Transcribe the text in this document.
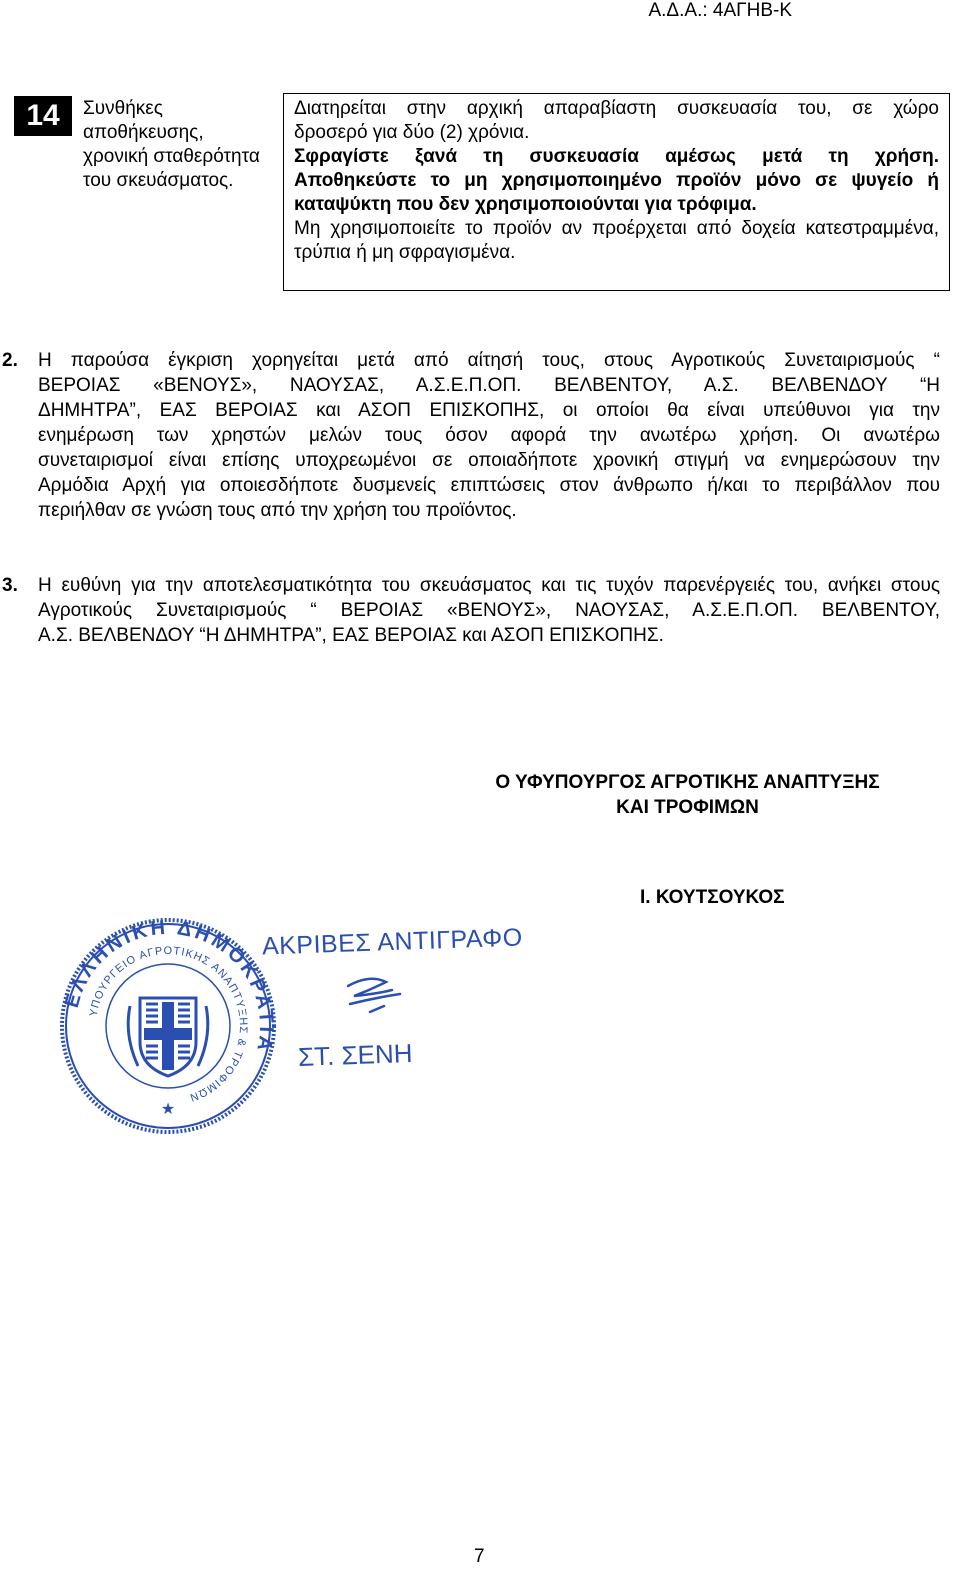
Α.Δ.Α.: 4ΑΓΗΒ-Κ
14	Συνθήκες
αποθήκευσης,
χρονική σταθερότητα
του σκευάσματος.

Διατηρείται στην αρχική απαραβίαστη συσκευασία του, σε χώρο

δροσερό για δύο (2) χρόνια.

Σφραγίστε ξανά τη συσκευασία αμέσως μετά τη χρήση.

Αποθηκεύστε το μη χρησιμοποιημένο προϊόν μόνο σε ψυγείο ή

καταψύκτη που δεν χρησιμοποιούνται για τρόφιμα.

Μη χρησιμοποιείτε το προϊόν αν προέρχεται από δοχεία κατεστραμμένα,

τρύπια ή μη σφραγισμένα.

2. Η παρούσα έγκριση χορηγείται μετά από αίτησή τους, στους Αγροτικούς Συνεταιρισμούς “
ΒΕΡΟΙΑΣ «ΒΕΝΟΥΣ», ΝΑΟΥΣΑΣ, Α.Σ.Ε.Π.ΟΠ. ΒΕΛΒΕΝΤΟΥ, Α.Σ. ΒΕΛΒΕΝΔΟΥ “Η
ΔΗΜΗΤΡΑ”, ΕΑΣ ΒΕΡΟΙΑΣ και ΑΣΟΠ ΕΠΙΣΚΟΠΗΣ, οι οποίοι θα είναι υπεύθυνοι για την
ενημέρωση των χρηστών μελών τους όσον αφορά την ανωτέρω χρήση. Οι ανωτέρω
συνεταιρισμοί είναι επίσης υποχρεωμένοι σε οποιαδήποτε χρονική στιγμή να ενημερώσουν την
Αρμόδια Αρχή για οποιεσδήποτε δυσμενείς επιπτώσεις στον άνθρωπο ή/και το περιβάλλον που
περιήλθαν σε γνώση τους από την χρήση του προϊόντος.
3. Η ευθύνη για την αποτελεσματικότητα του σκευάσματος και τις τυχόν παρενέργειές του, ανήκει στους
Αγροτικούς Συνεταιρισμούς “ ΒΕΡΟΙΑΣ «ΒΕΝΟΥΣ», ΝΑΟΥΣΑΣ, Α.Σ.Ε.Π.ΟΠ. ΒΕΛΒΕΝΤΟΥ,
Α.Σ. ΒΕΛΒΕΝΔΟΥ “Η ΔΗΜΗΤΡΑ”, ΕΑΣ ΒΕΡΟΙΑΣ και ΑΣΟΠ ΕΠΙΣΚΟΠΗΣ.
Ο ΥΦΥΠΟΥΡΓΟΣ ΑΓΡΟΤΙΚΗΣ ΑΝΑΠΤΥΞΗΣ
ΚΑΙ ΤΡΟΦΙΜΩΝ
Ι. ΚΟΥΤΣΟΥΚΟΣ
ΕΛΛΗΝΙΚΗ ΔΗΜΟΚΡΑΤΙΑ
ΥΠΟΥΡΓΕΙΟ ΑΓΡΟΤΙΚΗΣ ΑΝΑΠΤΥΞΗΣ & ΤΡΟΦΙΜΩΝ
★
ΑΚΡΙΒΕΣ ΑΝΤΙΓΡΑΦΟ
ΣΤ. ΣΕΝΗ
7
